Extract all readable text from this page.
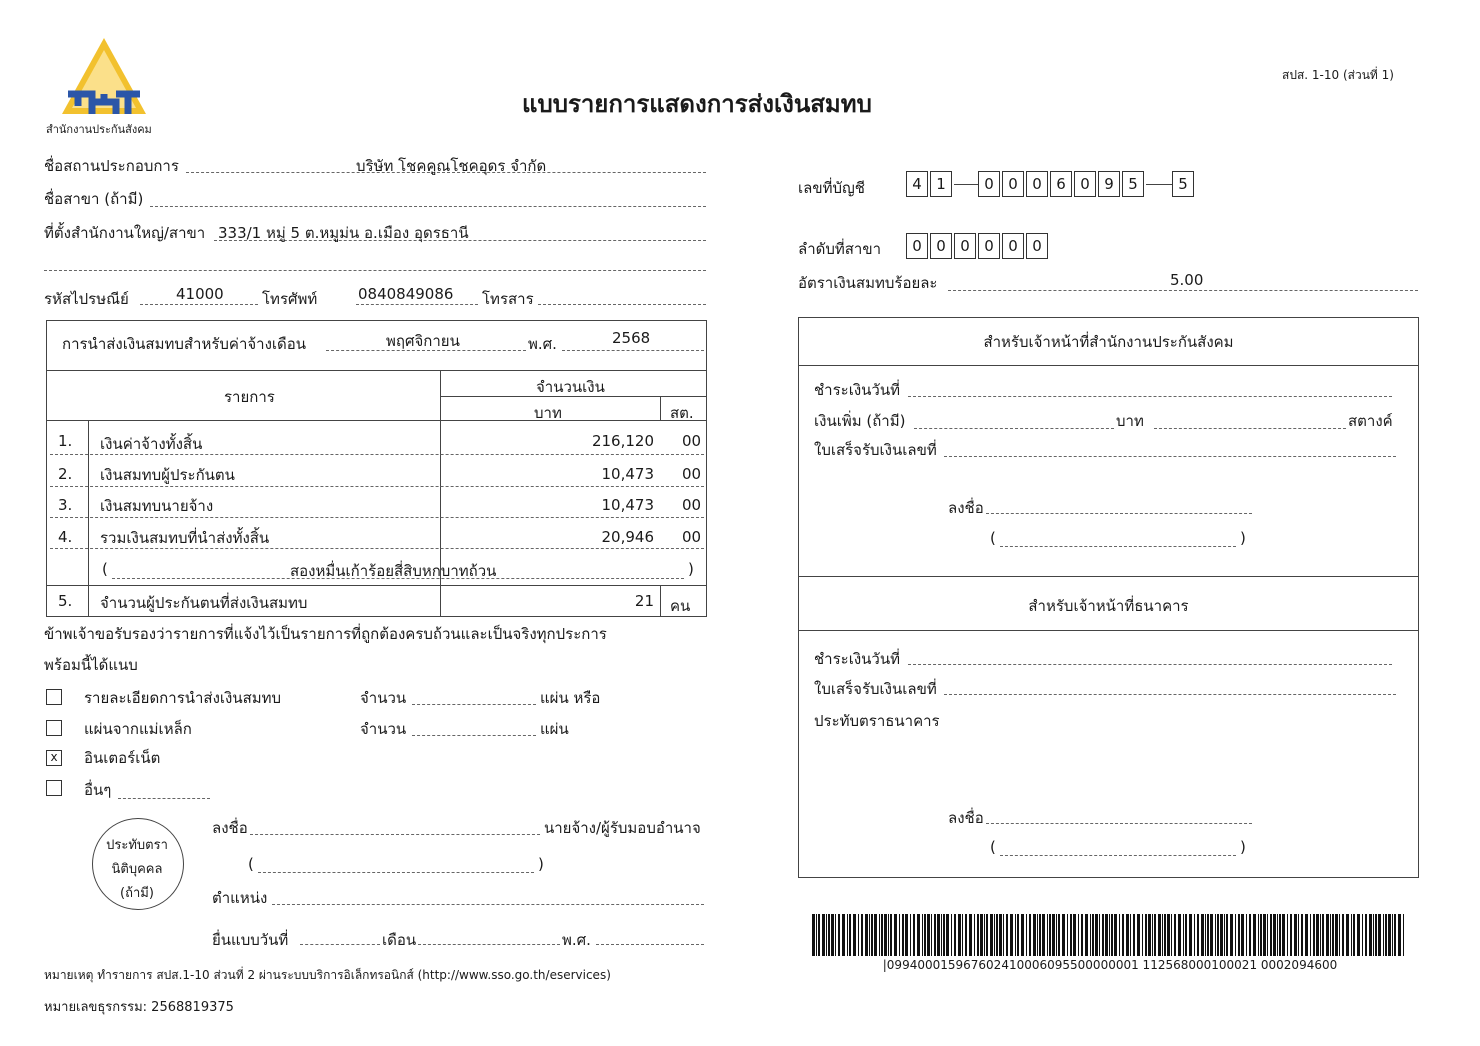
สำนักงานประกันสังคม
แบบรายการแสดงการส่งเงินสมทบ
สปส. 1-10 (ส่วนที่ 1)
ชื่อสถานประกอบการ	บริษัท โชคคูณโชคอุดร จำกัด
ชื่อสาขา (ถ้ามี)
ที่ตั้งสำนักงานใหญ่/สาขา 333/1 หมู่ 5 ต.หมูม่น อ.เมือง อุดรธานี
รหัสไปรษณีย์	41000	โทรศัพท์	0840849086 โทรสาร
การนำส่งเงินสมทบสำหรับค่าจ้างเดือน	พฤศจิกายน	พ.ศ.	2568
รายการ
จำนวนเงิน
บาท	สต.
1. เงินค่าจ้างทั้งสิ้น	216,120 00
2. เงินสมทบผู้ประกันตน	10,473 00
3. เงินสมทบนายจ้าง	10,473 00
4. รวมเงินสมทบที่นำส่งทั้งสิ้น	20,946 00
(	สองหมื่นเก้าร้อยสี่สิบหกบาทถ้วน	)
5. จำนวนผู้ประกันตนที่ส่งเงินสมทบ	21 คน
ข้าพเจ้าขอรับรองว่ารายการที่แจ้งไว้เป็นรายการที่ถูกต้องครบถ้วนและเป็นจริงทุกประการ
พร้อมนี้ได้แนบ
รายละเอียดการนำส่งเงินสมทบ	จำนวน	แผ่น หรือ
แผ่นจากแม่เหล็ก	จำนวน	แผ่น
x อินเตอร์เน็ต
อื่นๆ
ประทับตรา
นิติบุคคล
(ถ้ามี)
ลงชื่อ	นายจ้าง/ผู้รับมอบอำนาจ
(	)
ตำแหน่ง
ยื่นแบบวันที่	เดือน	พ.ศ.
หมายเหตุ ทำรายการ สปส.1-10 ส่วนที่ 2 ผ่านระบบบริการอิเล็กทรอนิกส์ (http://www.sso.go.th/eservices)
หมายเลขธุรกรรม: 2568819375
เลขที่บัญชี	4 1	0 0 0 6 0 9 5	5
ลำดับที่สาขา	0 0 0 0 0 0
อัตราเงินสมทบร้อยละ	5.00
สำหรับเจ้าหน้าที่สำนักงานประกันสังคม
ชำระเงินวันที่
เงินเพิ่ม (ถ้ามี)	บาท	สตางค์
ใบเสร็จรับเงินเลขที่
ลงชื่อ
(	)
สำหรับเจ้าหน้าที่ธนาคาร
ชำระเงินวันที่
ใบเสร็จรับเงินเลขที่
ประทับตราธนาคาร
ลงชื่อ
(	)
|099400015967602410006095500000001 112568000100021 0002094600
